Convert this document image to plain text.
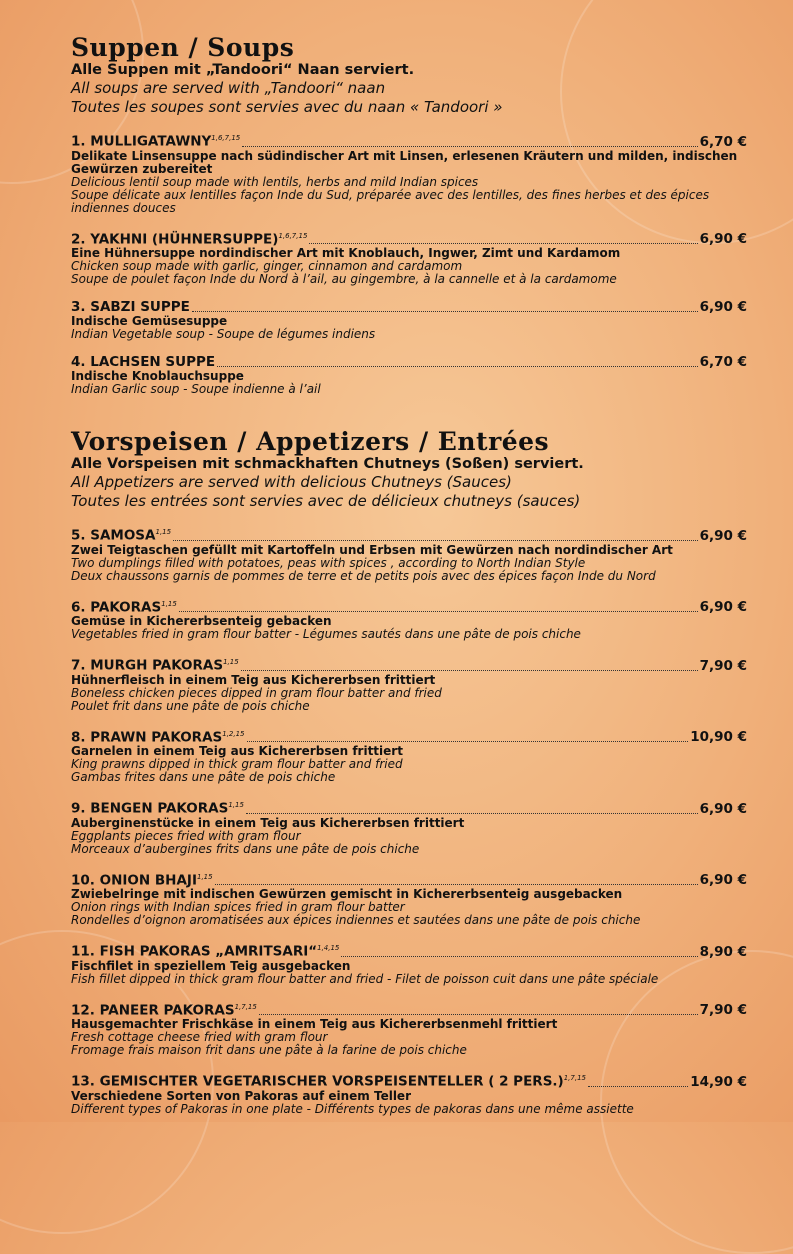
Suppen / Soups
Alle Suppen mit „Tandoori“ Naan serviert.
All soups are served with „Tandoori“ naan
Toutes les soupes sont servies avec du naan « Tandoori »
1. MULLIGATAWNY$^{1,6,7,15}$	6,70 €
Delikate Linsensuppe nach südindischer Art mit Linsen, erlesenen Kräutern und milden, indischen Gewürzen zubereitet
Delicious lentil soup made with lentils, herbs and mild Indian spices
Soupe délicate aux lentilles façon Inde du Sud, préparée avec des lentilles, des fines herbes et des épices indiennes douces
2. YAKHNI (HÜHNERSUPPE)$^{1,6,7,15}$	6,90 €
Eine Hühnersuppe nordindischer Art mit Knoblauch, Ingwer, Zimt und Kardamom
Chicken soup made with garlic, ginger, cinnamon and cardamom
Soupe de poulet façon Inde du Nord à l’ail, au gingembre, à la cannelle et à la cardamome
3. SABZI SUPPE	6,90 €
Indische Gemüsesuppe
Indian Vegetable soup - Soupe de légumes indiens
4. LACHSEN SUPPE	6,70 €
Indische Knoblauchsuppe
Indian Garlic soup - Soupe indienne à l’ail
Vorspeisen / Appetizers / Entrées
Alle Vorspeisen mit schmackhaften Chutneys (Soßen) serviert.
All Appetizers are served with delicious Chutneys (Sauces)
Toutes les entrées sont servies avec de délicieux chutneys (sauces)
5. SAMOSA$^{1,15}$	6,90 €
Zwei Teigtaschen gefüllt mit Kartoffeln und Erbsen mit Gewürzen nach nordindischer Art
Two dumplings filled with potatoes, peas with spices , according to North Indian Style
Deux chaussons garnis de pommes de terre et de petits pois avec des épices façon Inde du Nord
6. PAKORAS$^{1,15}$	6,90 €
Gemüse in Kichererbsenteig gebacken
Vegetables fried in gram flour batter - Légumes sautés dans une pâte de pois chiche
7. MURGH PAKORAS$^{1,15}$	7,90 €
Hühnerfleisch in einem Teig aus Kichererbsen frittiert
Boneless chicken pieces dipped in gram flour batter and fried
Poulet frit dans une pâte de pois chiche
8. PRAWN PAKORAS$^{1,2,15}$	10,90 €
Garnelen in einem Teig aus Kichererbsen frittiert
King prawns dipped in thick gram flour batter and fried
Gambas frites dans une pâte de pois chiche
9. BENGEN PAKORAS$^{1,15}$	6,90 €
Auberginenstücke in einem Teig aus Kichererbsen frittiert
Eggplants pieces fried with gram flour
Morceaux d’aubergines frits dans une pâte de pois chiche
10. ONION BHAJI$^{1,15}$	6,90 €
Zwiebelringe mit indischen Gewürzen gemischt in Kichererbsenteig ausgebacken
Onion rings with Indian spices fried in gram flour batter
Rondelles d’oignon aromatisées aux épices indiennes et sautées dans une pâte de pois chiche
11. FISH PAKORAS „AMRITSARI“$^{1,4,15}$	8,90 €
Fischfilet in speziellem Teig ausgebacken
Fish fillet dipped in thick gram flour batter and fried - Filet de poisson cuit dans une pâte spéciale
12. PANEER PAKORAS$^{1,7,15}$	7,90 €
Hausgemachter Frischkäse in einem Teig aus Kichererbsenmehl frittiert
Fresh cottage cheese fried with gram flour
Fromage frais maison frit dans une pâte à la farine de pois chiche
13. GEMISCHTER VEGETARISCHER VORSPEISENTELLER ( 2 PERS.)$^{1,7,15}$	14,90 €
Verschiedene Sorten von Pakoras auf einem Teller
Different types of Pakoras in one plate - Différents types de pakoras dans une même assiette
